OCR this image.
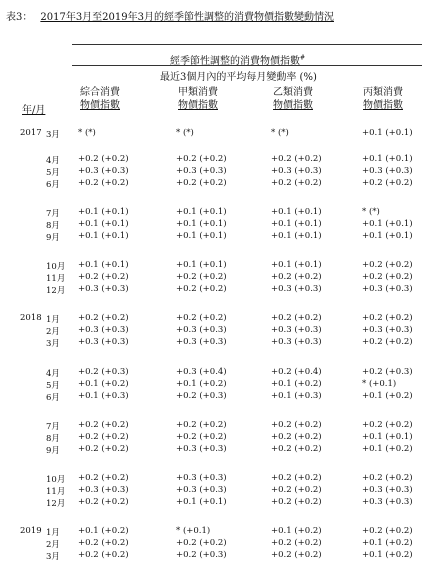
表3： 2017年3月至2019年3月的經季節性調整的消費物價指數變動情況
經季節性調整的消費物價指數#
最近3個月內的平均每月變動率 (%)
綜合消費
物價指數
甲類消費
物價指數
乙類消費
物價指數
丙類消費
物價指數
年/月
2017 3月 * (*)	* (*)	* (*)	+0.1 (+0.1)
4月 +0.2 (+0.2)	+0.2 (+0.2)	+0.2 (+0.2)	+0.1 (+0.1)
5月 +0.3 (+0.3)	+0.3 (+0.3)	+0.3 (+0.3)	+0.3 (+0.3)
6月 +0.2 (+0.2)	+0.2 (+0.2)	+0.2 (+0.2)	+0.2 (+0.2)
7月 +0.1 (+0.1)	+0.1 (+0.1)	+0.1 (+0.1)	* (*)
8月 +0.1 (+0.1)	+0.1 (+0.1)	+0.1 (+0.1)	+0.1 (+0.1)
9月 +0.1 (+0.1)	+0.1 (+0.1)	+0.1 (+0.1)	+0.1 (+0.1)
10月 +0.1 (+0.1)	+0.1 (+0.1)	+0.1 (+0.1)	+0.2 (+0.2)
11月 +0.2 (+0.2)	+0.2 (+0.2)	+0.2 (+0.2)	+0.2 (+0.2)
12月 +0.3 (+0.3)	+0.2 (+0.2)	+0.3 (+0.3)	+0.3 (+0.3)
2018 1月 +0.2 (+0.2)	+0.2 (+0.2)	+0.2 (+0.2)	+0.2 (+0.2)
2月 +0.3 (+0.3)	+0.3 (+0.3)	+0.3 (+0.3)	+0.3 (+0.3)
3月 +0.3 (+0.3)	+0.3 (+0.3)	+0.3 (+0.3)	+0.2 (+0.2)
4月 +0.2 (+0.3)	+0.3 (+0.4)	+0.2 (+0.4)	+0.2 (+0.3)
5月 +0.1 (+0.2)	+0.1 (+0.2)	+0.1 (+0.2)	* (+0.1)
6月 +0.1 (+0.3)	+0.2 (+0.3)	+0.1 (+0.3)	+0.1 (+0.2)
7月 +0.2 (+0.2)	+0.2 (+0.2)	+0.2 (+0.2)	+0.2 (+0.2)
8月 +0.2 (+0.2)	+0.2 (+0.2)	+0.2 (+0.2)	+0.1 (+0.1)
9月 +0.2 (+0.2)	+0.3 (+0.3)	+0.2 (+0.2)	+0.1 (+0.2)
10月 +0.2 (+0.2)	+0.3 (+0.3)	+0.2 (+0.2)	+0.2 (+0.2)
11月 +0.3 (+0.3)	+0.3 (+0.3)	+0.2 (+0.2)	+0.3 (+0.3)
12月 +0.2 (+0.2)	+0.1 (+0.1)	+0.2 (+0.2)	+0.3 (+0.3)
2019 1月 +0.1 (+0.2)	* (+0.1)	+0.1 (+0.2)	+0.2 (+0.2)
2月 +0.2 (+0.2)	+0.2 (+0.2)	+0.2 (+0.2)	+0.1 (+0.2)
3月 +0.2 (+0.2)	+0.2 (+0.3)	+0.2 (+0.2)	+0.1 (+0.2)
